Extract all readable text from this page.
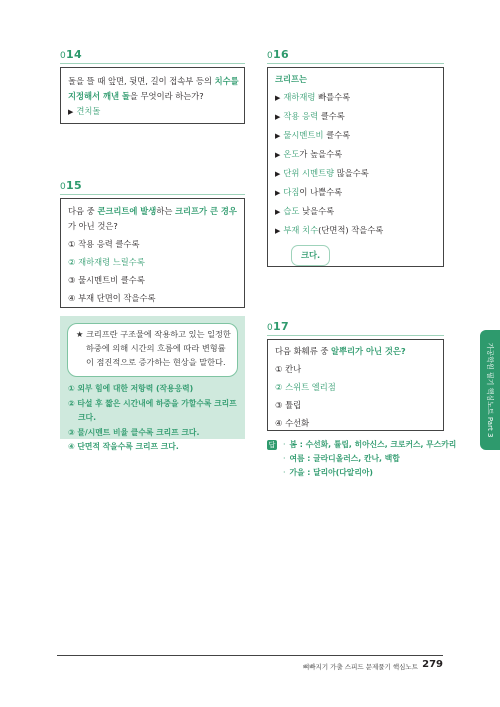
014
돌을 뜰 때 앞면, 뒷면, 길이 접속부 등의 치수를
지정해서 깨낸 돌을 무엇이라 하는가?
▶ 견치돌
015
다음 중 콘크리트에 발생하는 크리프가 큰 경우
가 아닌 것은?
① 작용 응력 클수록
② 재하재령 느릴수록
③ 물시멘트비 클수록
④ 부재 단면이 작을수록
★ 크리프란 구조물에 작용하고 있는 일정한
하중에 의해 시간의 흐름에 따라 변형률
이 점진적으로 증가하는 현상을 말한다.
① 외부 힘에 대한 저항력 (작용응력)
② 타설 후 짧은 시간내에 하중을 가할수록 크리프
크다.
③ 물/시멘트 비율 클수록 크리프 크다.
④ 단면적 작을수록 크리프 크다.
016
크리프는
▶ 재하재령 빠를수록
▶ 작용 응력 클수록
▶ 물시멘트비 클수록
▶ 온도가 높을수록
▶ 단위 시멘트량 많을수록
▶ 다짐이 나쁠수록
▶ 습도 낮을수록
▶ 부재 치수(단면적) 작을수록
크다.
017
다음 화훼류 중 알뿌리가 아닌 것은?
① 칸나
② 스위트 엘리점
③ 튤립
④ 수선화
답 · 봄 : 수선화, 튤립, 히아신스, 크로커스, 무스카리
· 여름 : 글라디올러스, 칸나, 백합
· 가을 : 달리아(다알리아)
가공학원 필기 핵심노트 Part 3
뼈빠지기 가출 스피드 문제풀기 핵심노트 279
